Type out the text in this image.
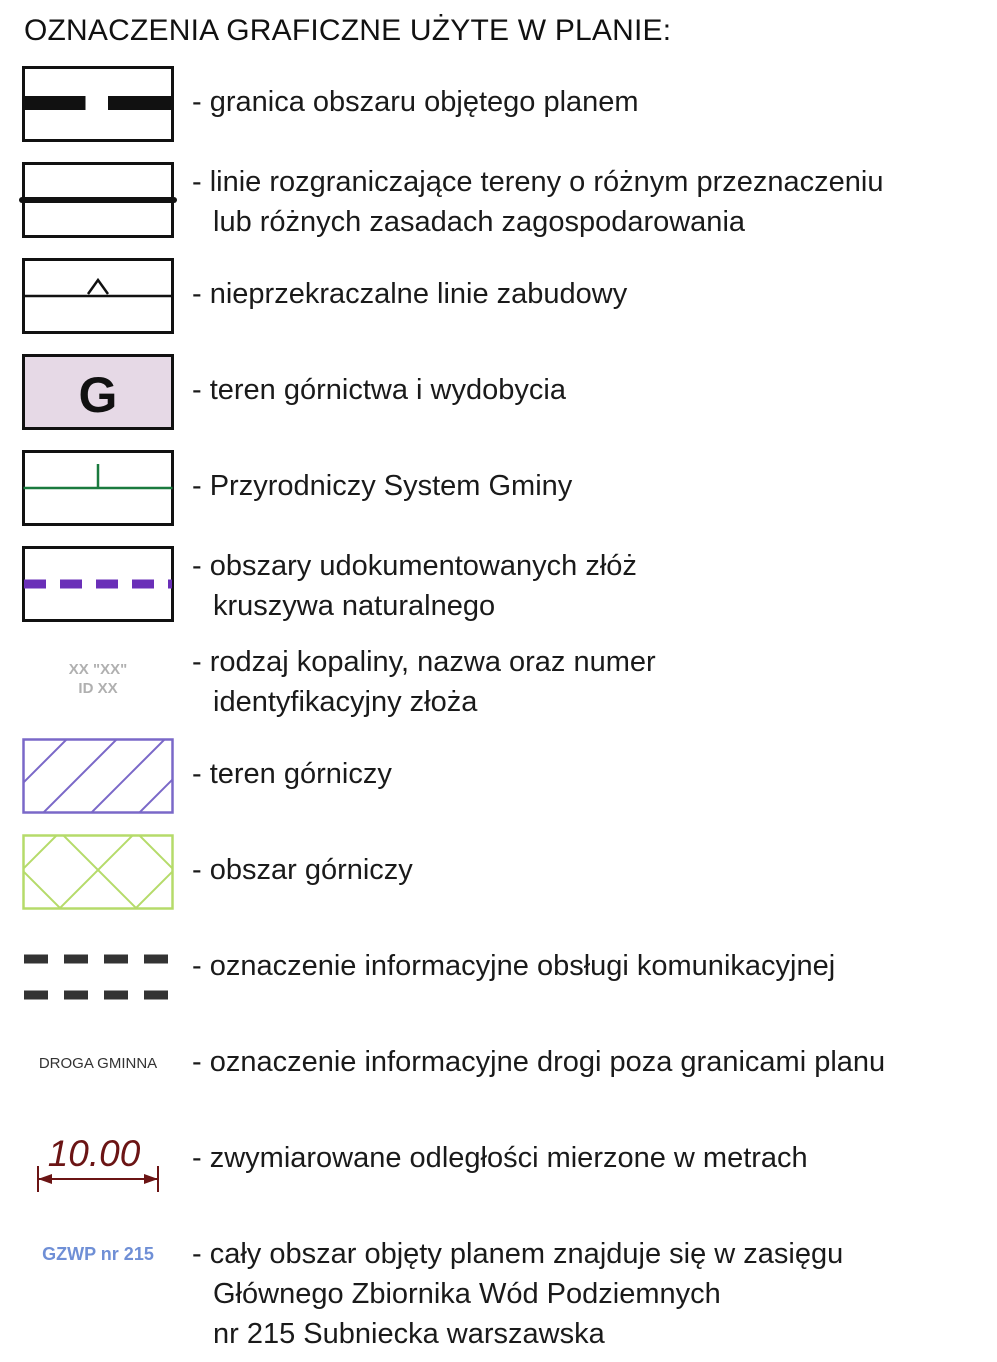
OZNACZENIA GRAFICZNE UŻYTE W PLANIE:
- granica obszaru objętego planem
- linie rozgraniczające tereny o różnym przeznaczeniu
lub różnych zasadach zagospodarowania
- nieprzekraczalne linie zabudowy
G	- teren górnictwa i wydobycia
- Przyrodniczy System Gminy
- obszary udokumentowanych złóż
kruszywa naturalnego
XX "XX"
ID XX
- rodzaj kopaliny, nazwa oraz numer
identyfikacyjny złoża
- teren górniczy
- obszar górniczy
- oznaczenie informacyjne obsługi komunikacyjnej
DROGA GMINNA	- oznaczenie informacyjne drogi poza granicami planu
10.00 - zwymiarowane odległości mierzone w metrach
GZWP nr 215	- cały obszar objęty planem znajduje się w zasięgu
Głównego Zbiornika Wód Podziemnych
nr 215 Subniecka warszawska
